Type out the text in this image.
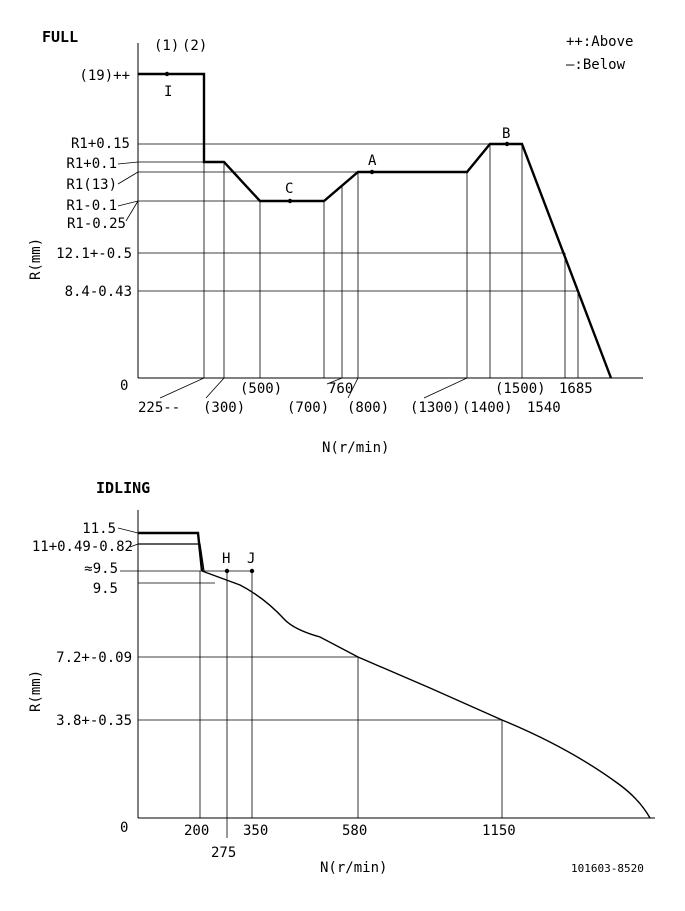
FULL	(1) (2)	++:Above
—:Below
I
C
A
B
(19)++
R1+0.15
R1+0.1
R1(13)
R1-0.1
R1-0.25
12.1+-0.5
8.4-0.43
0
225-- (300)
(500)
(700)
760
(800) (1300) (1400)
(1500)
1540
1685
N(r/min)
R(mm)
IDLING
H J
11.5
11+0.49-0.82
≈9.5
9.5
7.2+-0.09
3.8+-0.35
0	200
275
350	580	1150
N(r/min)
R(mm)
101603-8520
